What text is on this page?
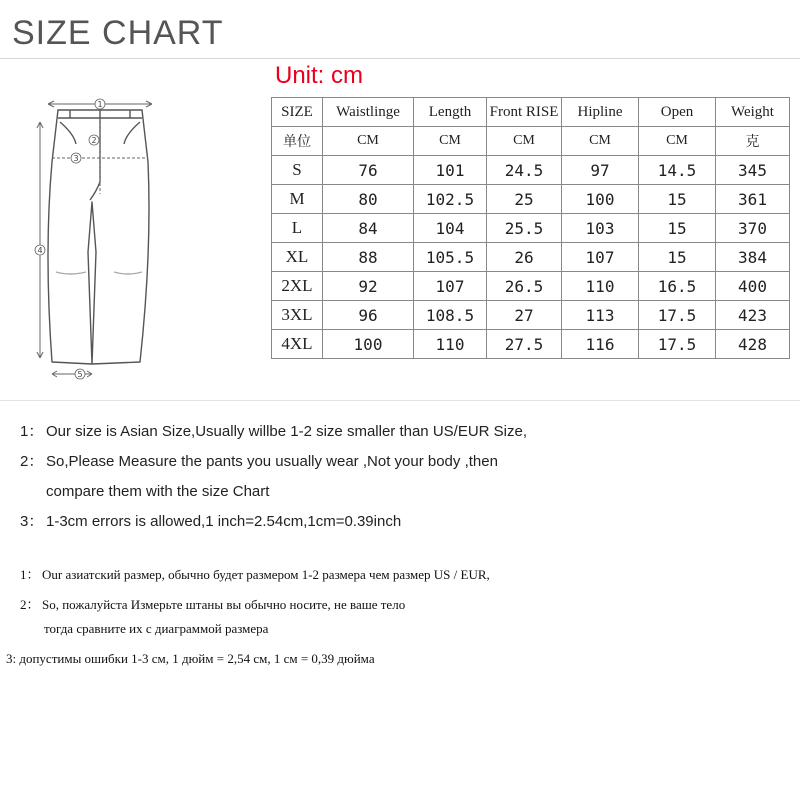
SIZE CHART
Unit: cm
1
2
3
4
5
SIZE	Waistlinge	Length	Front RISE	Hipline	Open	Weight
单位	CM	CM	CM	CM	CM	克
S	76	101	24.5	97	14.5	345
M	80	102.5	25	100	15	361
L	84	104	25.5	103	15	370
XL	88	105.5	26	107	15	384
2XL	92	107	26.5	110	16.5	400
3XL	96	108.5	27	113	17.5	423
4XL	100	110	27.5	116	17.5	428

1： Our size is Asian Size,Usually willbe 1-2 size smaller than US/EUR Size,

2： So,Please Measure the pants you usually wear ,Not your body ,then

compare them with the size Chart

3： 1-3cm errors is allowed,1 inch=2.54cm,1cm=0.39inch

1： Our азиатский размер, обычно будет размером 1-2 размера чем размер US / EUR,

2： So, пожалуйста Измерьте штаны вы обычно носите, не ваше тело

тогда сравните их с диаграммой размера

3: допустимы ошибки 1-3 см, 1 дюйм = 2,54 см, 1 см = 0,39 дюйма
